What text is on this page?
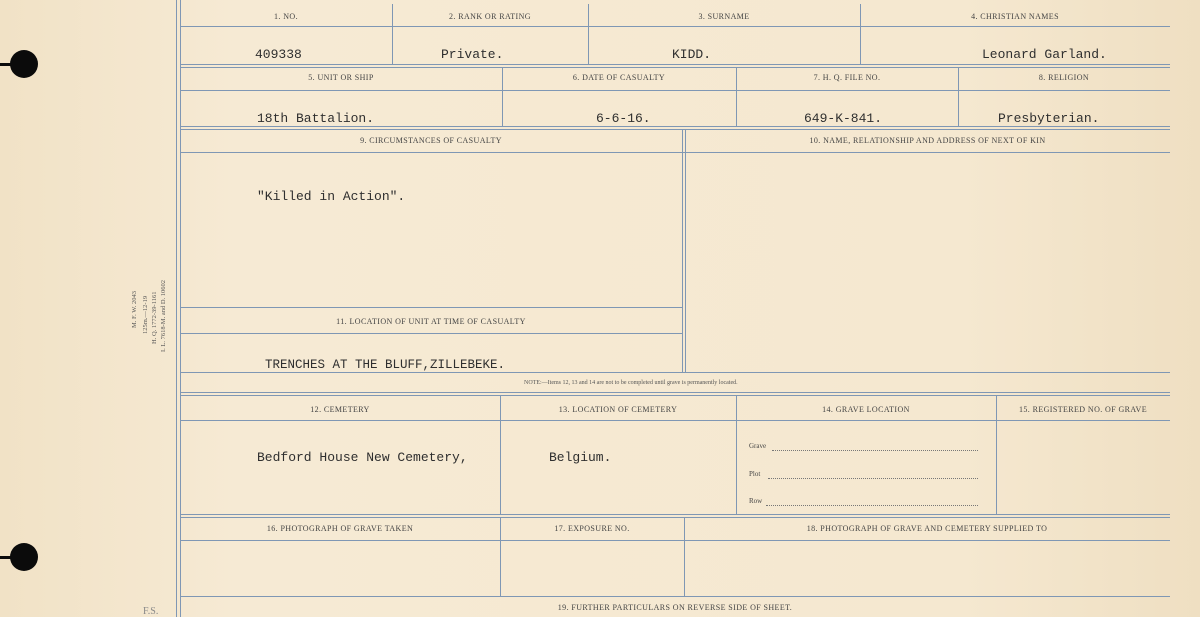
M. F. W. 2043 125m.—12-19 H. Q. 1772-39-1161 I. L. 7618-M. and D. 10602
F.S.
1. NO.	2. RANK OR RATING	3. SURNAME	4. CHRISTIAN NAMES
409338	Private.	KIDD.	Leonard Garland.
5. UNIT OR SHIP	6. DATE OF CASUALTY	7. H. Q. FILE NO.	8. RELIGION
18th Battalion.	6-6-16.	649-K-841.	Presbyterian.
9. CIRCUMSTANCES OF CASUALTY	10. NAME, RELATIONSHIP AND ADDRESS OF NEXT OF KIN
"Killed in Action".
11. LOCATION OF UNIT AT TIME OF CASUALTY
TRENCHES AT THE BLUFF,ZILLEBEKE.
NOTE:—Items 12, 13 and 14 are not to be completed until grave is permanently located.
12. CEMETERY	13. LOCATION OF CEMETERY	14. GRAVE LOCATION	15. REGISTERED NO. OF GRAVE
Bedford House New Cemetery,	Belgium.
Grave
Plot
Row
16. PHOTOGRAPH OF GRAVE TAKEN	17. EXPOSURE NO.	18. PHOTOGRAPH OF GRAVE AND CEMETERY SUPPLIED TO
19. FURTHER PARTICULARS ON REVERSE SIDE OF SHEET.
